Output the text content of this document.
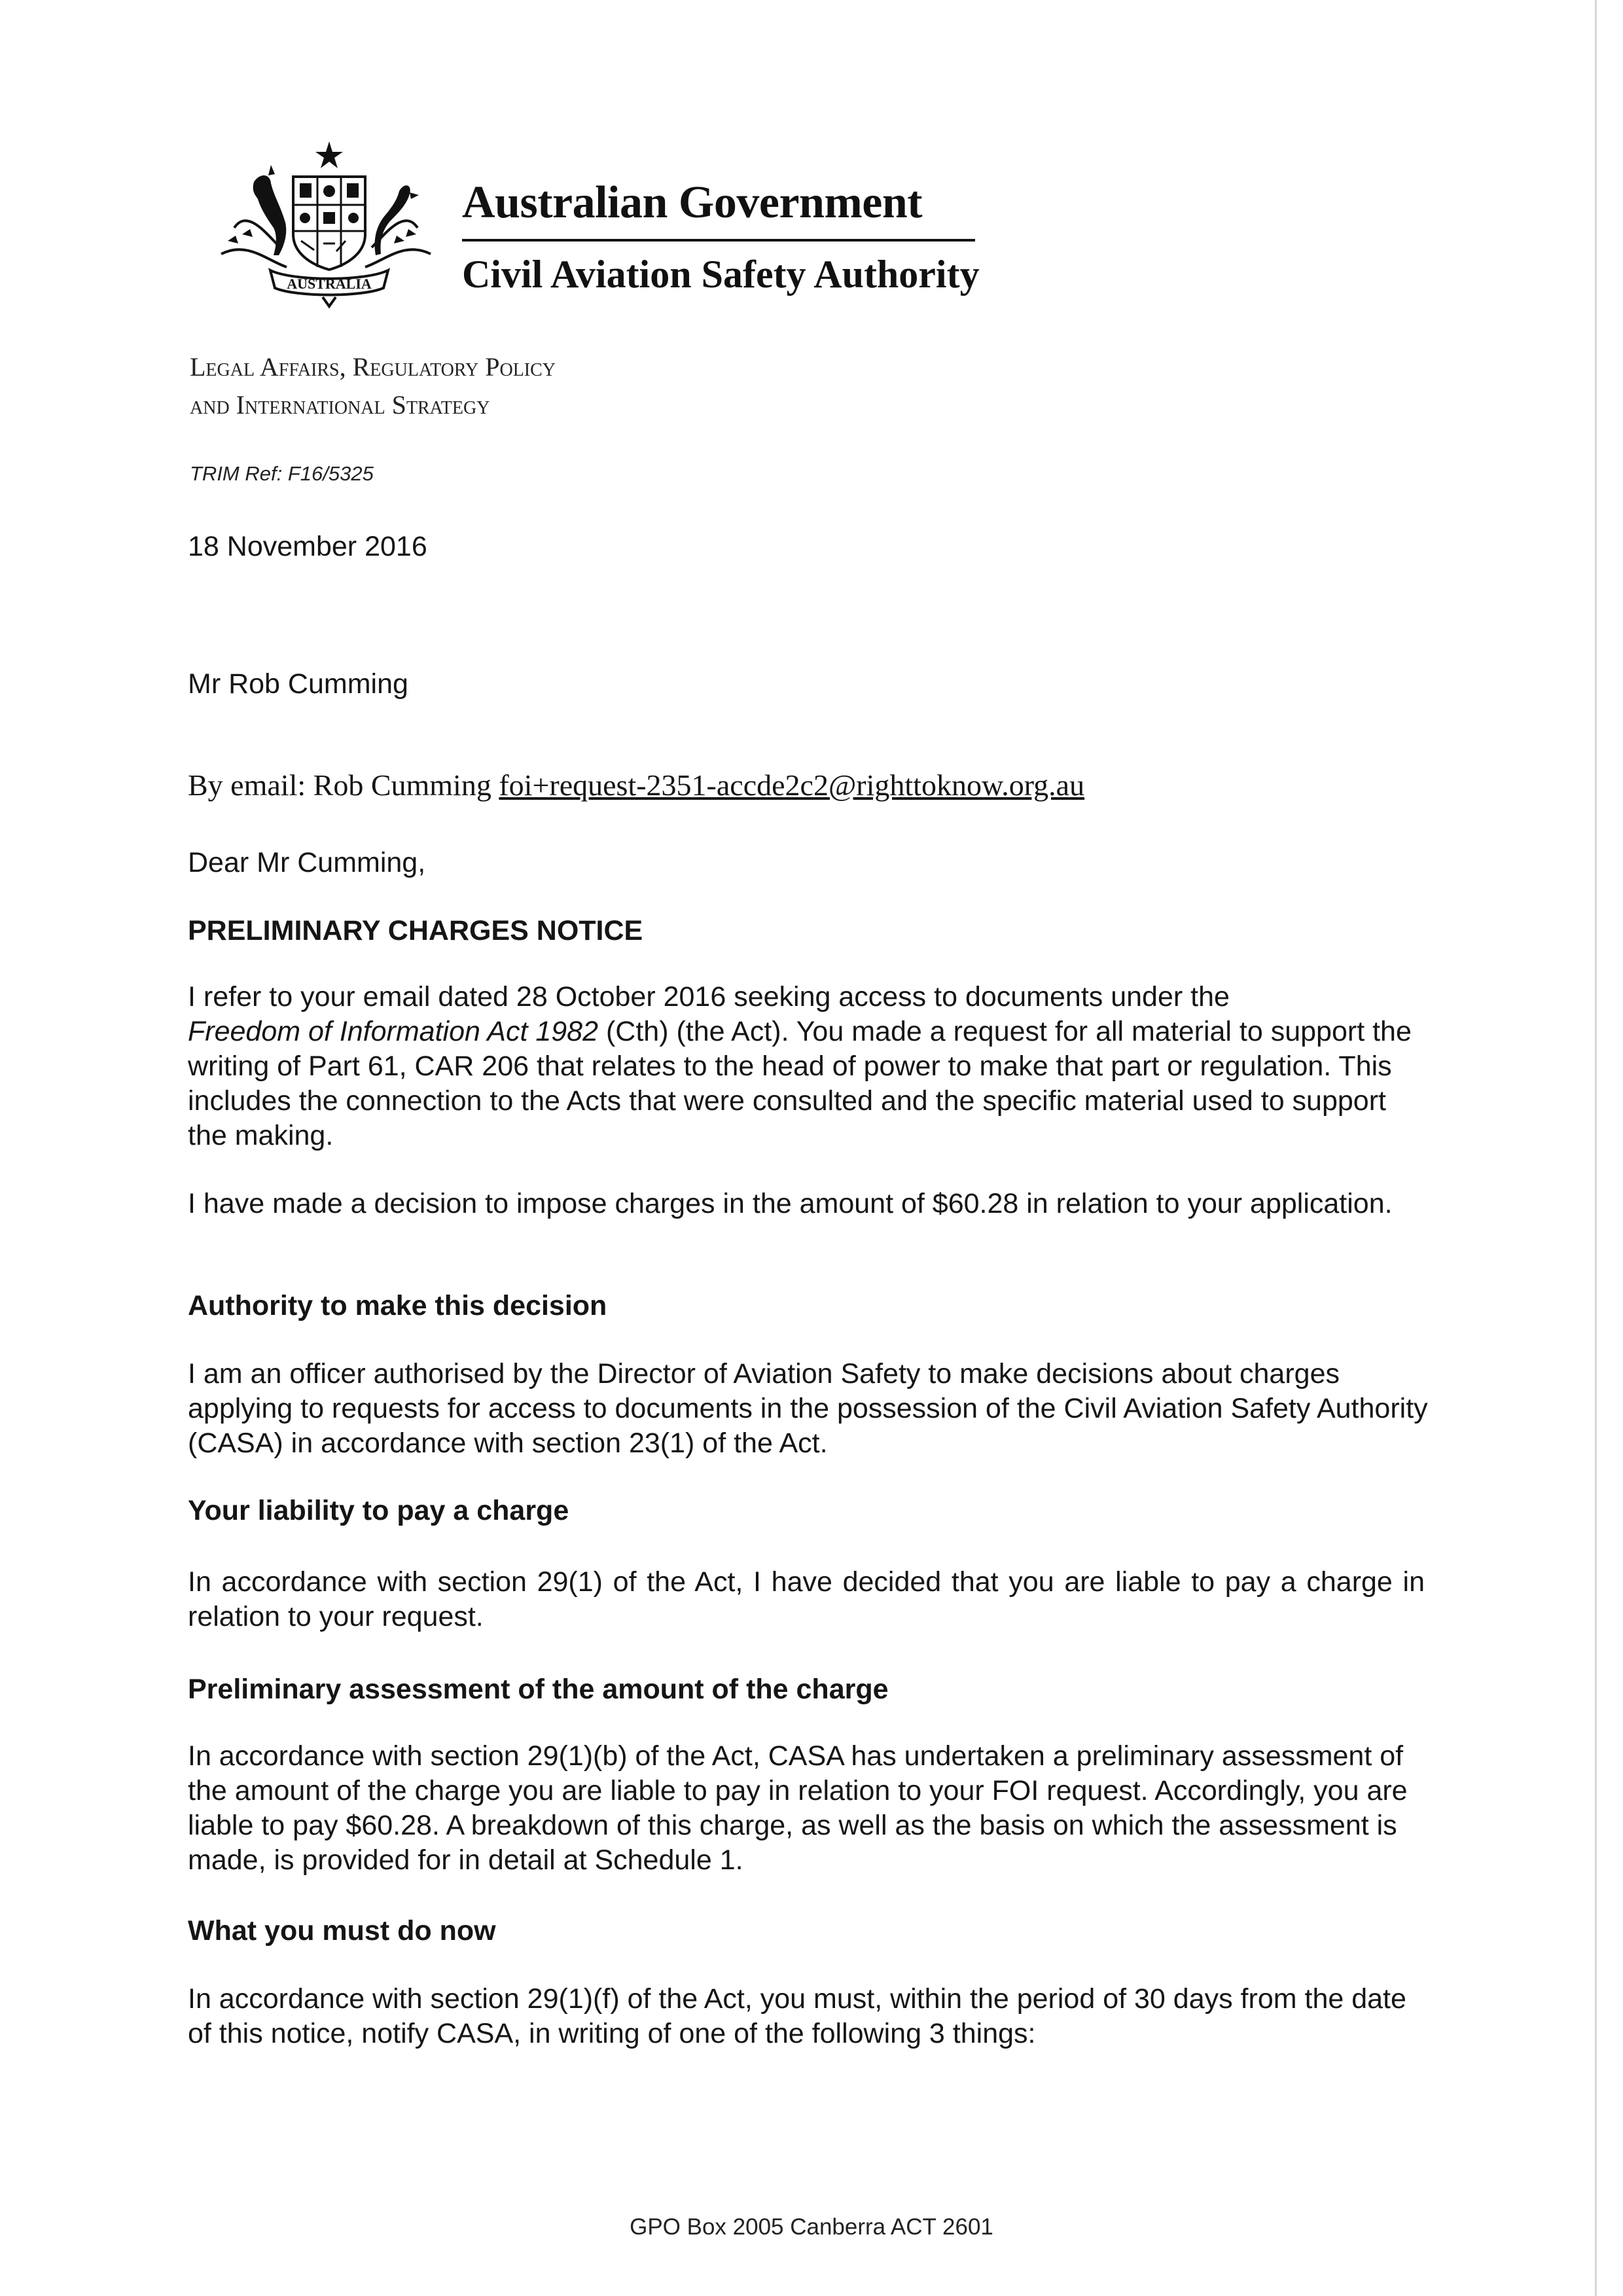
AUSTRALIA
Australian Government
Civil Aviation Safety Authority
Legal Affairs, Regulatory Policy
and International Strategy
TRIM Ref: F16/5325
18 November 2016
Mr Rob Cumming
By email: Rob Cumming foi+request-2351-accde2c2@righttoknow.org.au
Dear Mr Cumming,
PRELIMINARY CHARGES NOTICE
I refer to your email dated 28 October 2016 seeking access to documents under the
Freedom of Information Act 1982 (Cth) (the Act). You made a request for all material to support the writing of Part 61, CAR 206 that relates to the head of power to make that part or regulation. This includes the connection to the Acts that were consulted and the specific material used to support the making.
I have made a decision to impose charges in the amount of $60.28 in relation to your application.
Authority to make this decision
I am an officer authorised by the Director of Aviation Safety to make decisions about charges applying to requests for access to documents in the possession of the Civil Aviation Safety Authority (CASA) in accordance with section 23(1) of the Act.
Your liability to pay a charge
In accordance with section 29(1) of the Act, I have decided that you are liable to pay a charge in relation to your request.
Preliminary assessment of the amount of the charge
In accordance with section 29(1)(b) of the Act, CASA has undertaken a preliminary assessment of the amount of the charge you are liable to pay in relation to your FOI request. Accordingly, you are liable to pay $60.28. A breakdown of this charge, as well as the basis on which the assessment is made, is provided for in detail at Schedule 1.
What you must do now
In accordance with section 29(1)(f) of the Act, you must, within the period of 30 days from the date of this notice, notify CASA, in writing of one of the following 3 things:
GPO Box 2005 Canberra ACT 2601
